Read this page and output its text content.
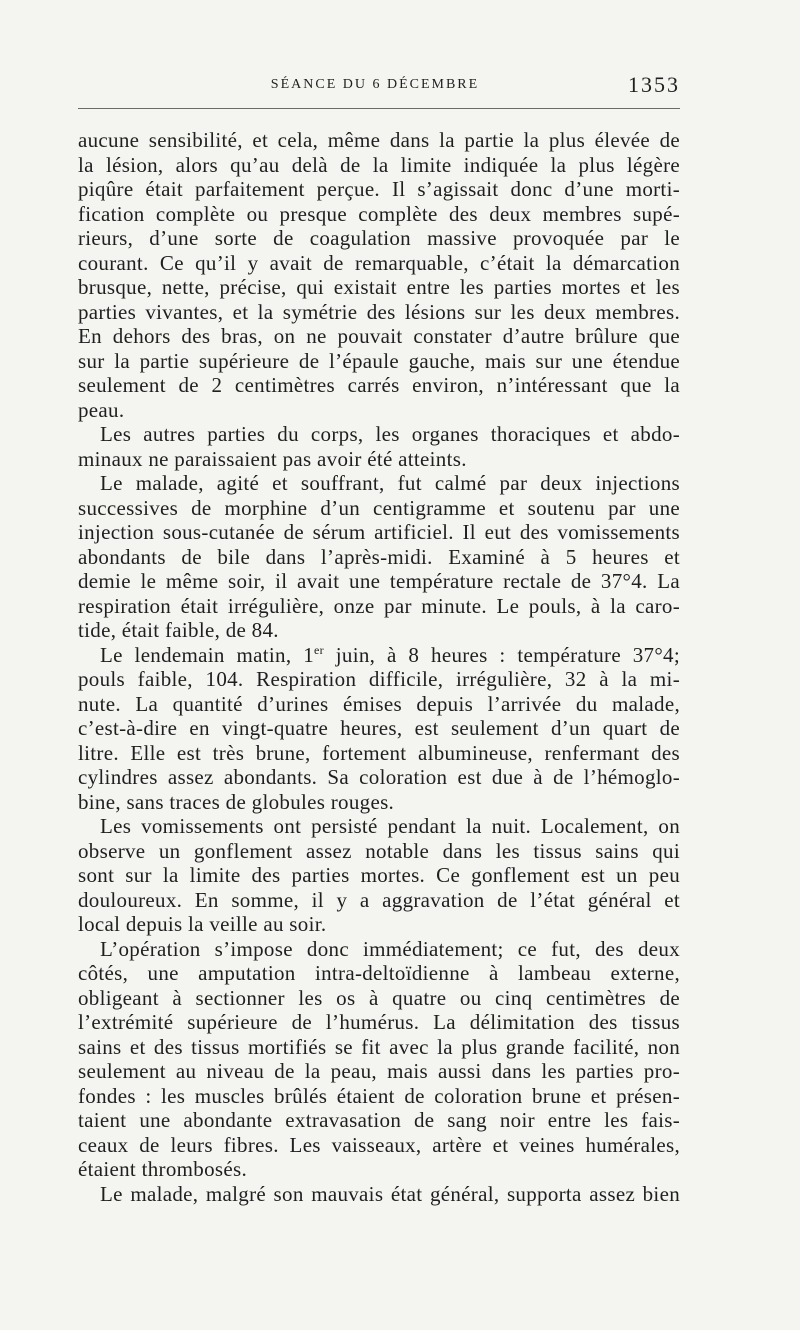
SÉANCE DU 6 DÉCEMBRE	1353
aucune sensibilité, et cela, même dans la partie la plus élevée de
la lésion, alors qu’au delà de la limite indiquée la plus légère
piqûre était parfaitement perçue. Il s’agissait donc d’une morti-
fication complète ou presque complète des deux membres supé-
rieurs, d’une sorte de coagulation massive provoquée par le
courant. Ce qu’il y avait de remarquable, c’était la démarcation
brusque, nette, précise, qui existait entre les parties mortes et les
parties vivantes, et la symétrie des lésions sur les deux membres.
En dehors des bras, on ne pouvait constater d’autre brûlure que
sur la partie supérieure de l’épaule gauche, mais sur une étendue
seulement de 2 centimètres carrés environ, n’intéressant que la
peau.
Les autres parties du corps, les organes thoraciques et abdo-
minaux ne paraissaient pas avoir été atteints.
Le malade, agité et souffrant, fut calmé par deux injections
successives de morphine d’un centigramme et soutenu par une
injection sous-cutanée de sérum artificiel. Il eut des vomissements
abondants de bile dans l’après-midi. Examiné à 5 heures et
demie le même soir, il avait une température rectale de 37°4. La
respiration était irrégulière, onze par minute. Le pouls, à la caro-
tide, était faible, de 84.
Le lendemain matin, 1er juin, à 8 heures : température 37°4;
pouls faible, 104. Respiration difficile, irrégulière, 32 à la mi-
nute. La quantité d’urines émises depuis l’arrivée du malade,
c’est-à-dire en vingt-quatre heures, est seulement d’un quart de
litre. Elle est très brune, fortement albumineuse, renfermant des
cylindres assez abondants. Sa coloration est due à de l’hémoglo-
bine, sans traces de globules rouges.
Les vomissements ont persisté pendant la nuit. Localement, on
observe un gonflement assez notable dans les tissus sains qui
sont sur la limite des parties mortes. Ce gonflement est un peu
douloureux. En somme, il y a aggravation de l’état général et
local depuis la veille au soir.
L’opération s’impose donc immédiatement; ce fut, des deux
côtés, une amputation intra-deltoïdienne à lambeau externe,
obligeant à sectionner les os à quatre ou cinq centimètres de
l’extrémité supérieure de l’humérus. La délimitation des tissus
sains et des tissus mortifiés se fit avec la plus grande facilité, non
seulement au niveau de la peau, mais aussi dans les parties pro-
fondes : les muscles brûlés étaient de coloration brune et présen-
taient une abondante extravasation de sang noir entre les fais-
ceaux de leurs fibres. Les vaisseaux, artère et veines humérales,
étaient thrombosés.
Le malade, malgré son mauvais état général, supporta assez bien
